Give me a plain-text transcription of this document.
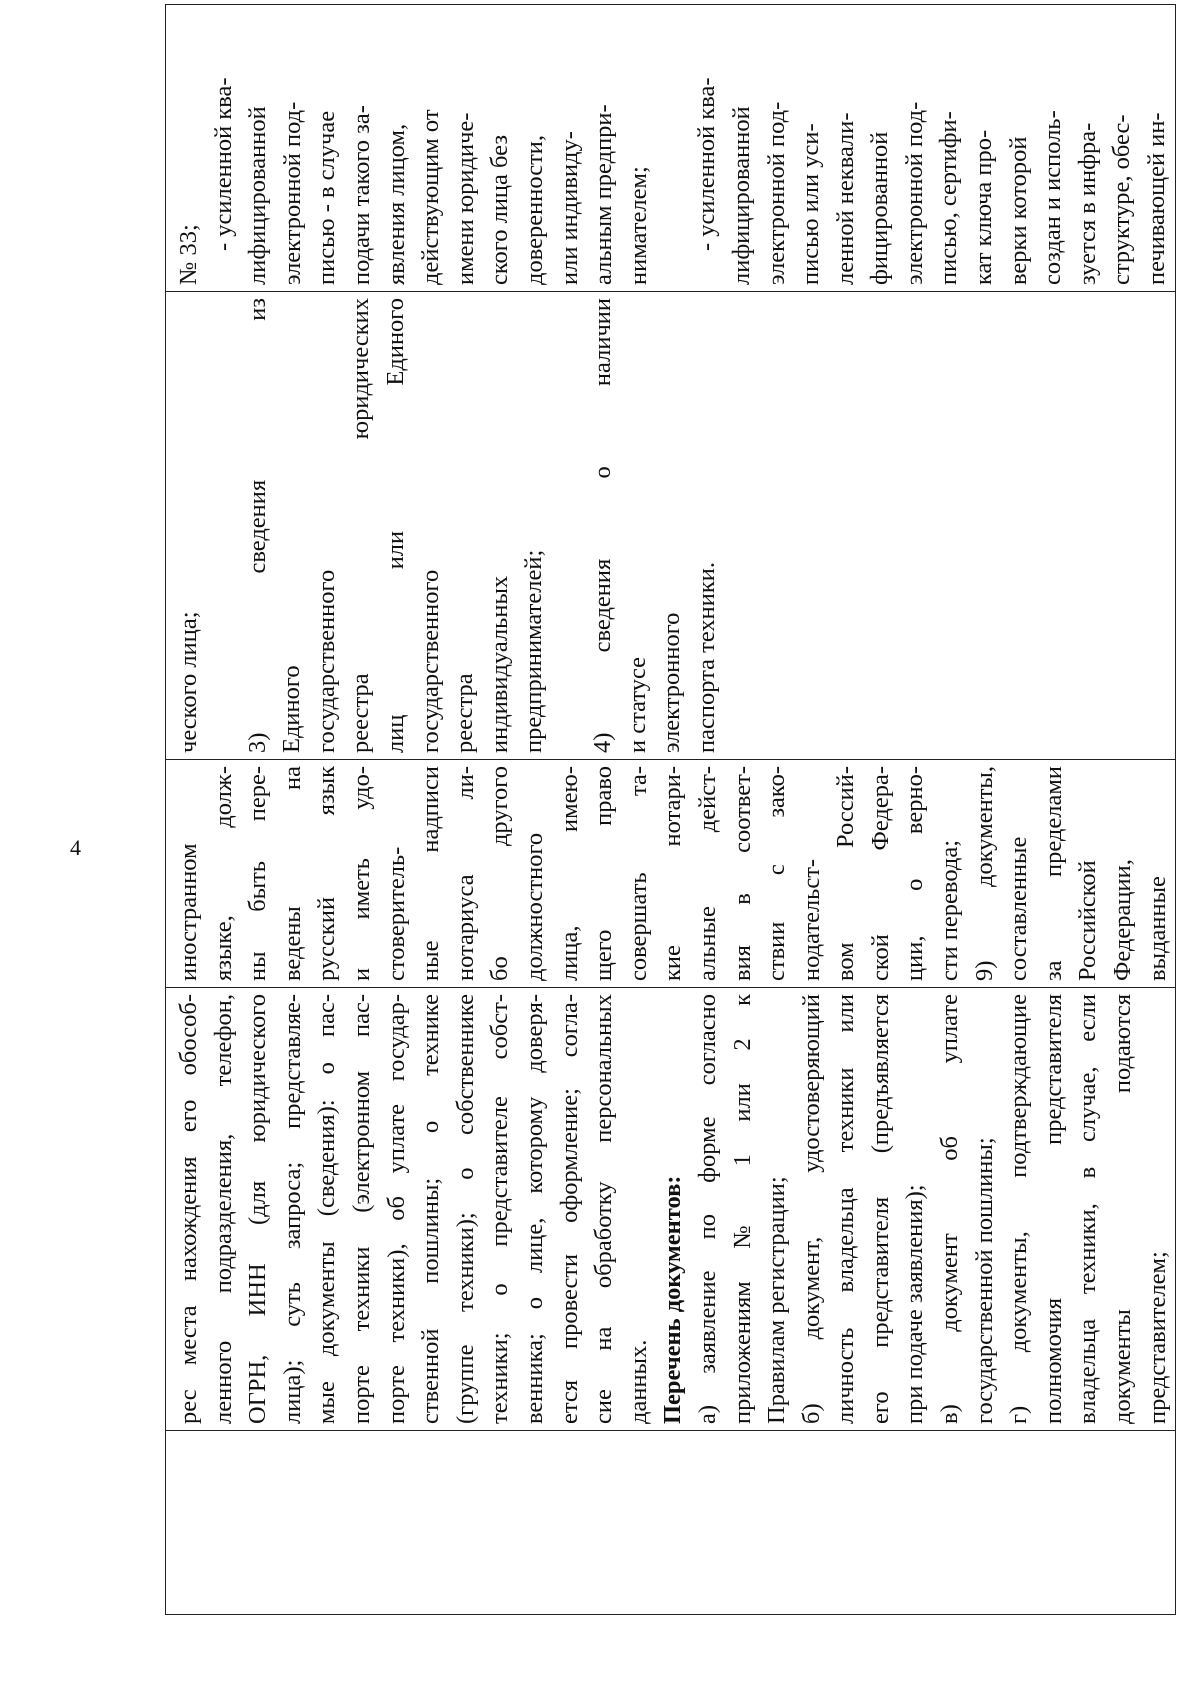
4

рес места нахождения его обособ- ленного подразделения, телефон, ОГРН, ИНН (для юридического лица); суть запроса; представляе- мые документы (сведения): о пас- порте техники (электронном пас- порте техники), об уплате государ- ственной пошлины; о технике (группе техники); о собственнике техники; о представителе собст- венника; о лице, которому доверя- ется провести оформление; согла- сие на обработку персональных данных. Перечень документов: а) заявление по форме согласно приложениям № 1 или 2 к Правилам регистрации; б) документ, удостоверяющий личность владельца техники или его представителя (предъявляется при подаче заявления); в) документ об уплате государственной пошлины; г) документы, подтверждающие полномочия представителя владельца техники, в случае, если документы подаются представителем;

иностранном языке, долж- ны быть пере- ведены на русский язык и иметь удо- стоверитель- ные надписи нотариуса ли- бо другого должностного лица, имею- щего право совершать та- кие нотари- альные дейст- вия в соответ- ствии с зако- нодательст- вом Россий- ской Федера- ции, о верно- сти перевода; 9) документы, составленные за пределами Российской Федерации, выданные

ческого лица; 3) сведения из Единого государственного реестра юридических лиц или Единого государственного реестра индивидуальных предпринимателей; 4) сведения о наличии и статусе электронного паспорта техники.

№ 33;
- усиленной ква- лифицированной электронной под- писью - в случае подачи такого за- явления лицом, действующим от имени юридиче- ского лица без доверенности, или индивиду- альным предпри- нимателем; - усиленной ква- лифицированной электронной под- писью или уси- ленной неквали- фицированной электронной под- писью, сертифи- кат ключа про- верки которой создан и исполь- зуется в инфра- структуре, обес- печивающей ин-
